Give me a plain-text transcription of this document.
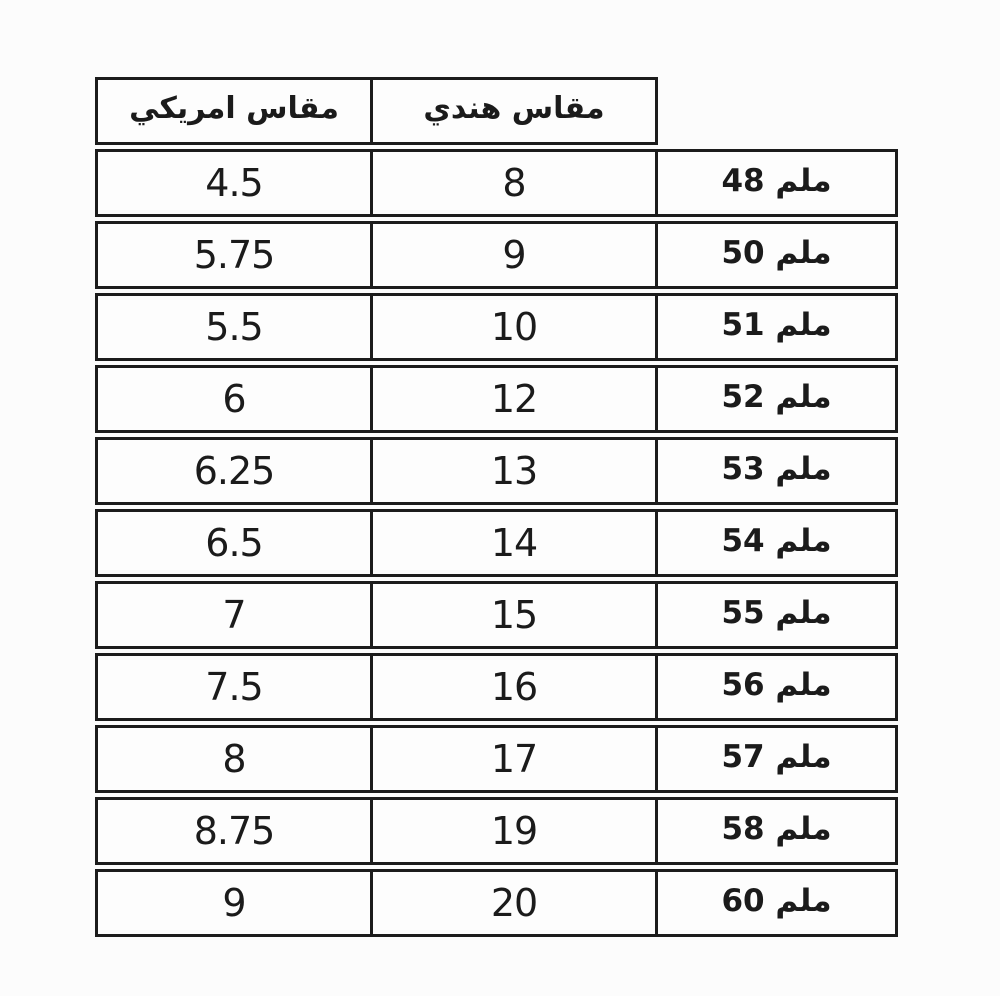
مقاس امريكي	مقاس هندي
4.5	8	48 ملم
5.75	9	50 ملم
5.5	10	51 ملم
6	12	52 ملم
6.25	13	53 ملم
6.5	14	54 ملم
7	15	55 ملم
7.5	16	56 ملم
8	17	57 ملم
8.75	19	58 ملم
9	20	60 ملم
